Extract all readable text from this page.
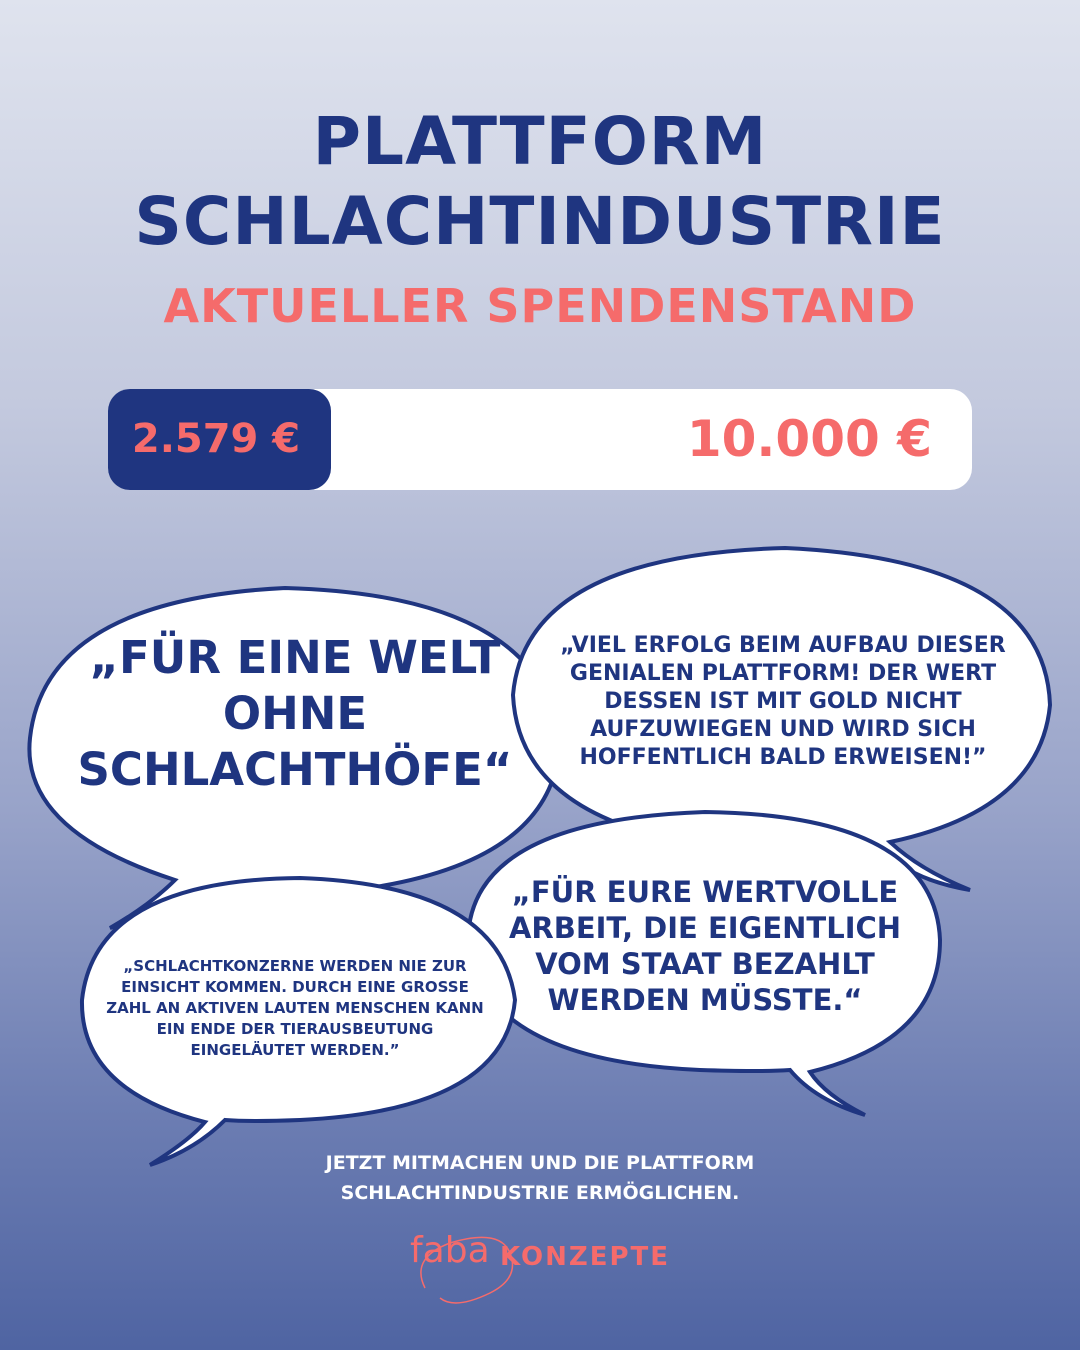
PLATTFORM
SCHLACHTINDUSTRIE
AKTUELLER SPENDENSTAND
2.579 €	10.000 €
„FÜR EINE WELT OHNE SCHLACHTHÖFE“
„VIEL ERFOLG BEIM AUFBAU DIESER GENIALEN PLATTFORM! DER WERT DESSEN IST MIT GOLD NICHT AUFZUWIEGEN UND WIRD SICH HOFFENTLICH BALD ERWEISEN!”
„SCHLACHTKONZERNE WERDEN NIE ZUR EINSICHT KOMMEN. DURCH EINE GROSSE ZAHL AN AKTIVEN LAUTEN MENSCHEN KANN EIN ENDE DER TIERAUSBEUTUNG EINGELÄUTET WERDEN.”
„FÜR EURE WERTVOLLE ARBEIT, DIE EIGENTLICH VOM STAAT BEZAHLT WERDEN MÜSSTE.“
JETZT MITMACHEN UND DIE PLATTFORM SCHLACHTINDUSTRIE ERMÖGLICHEN.
faba KONZEPTE
